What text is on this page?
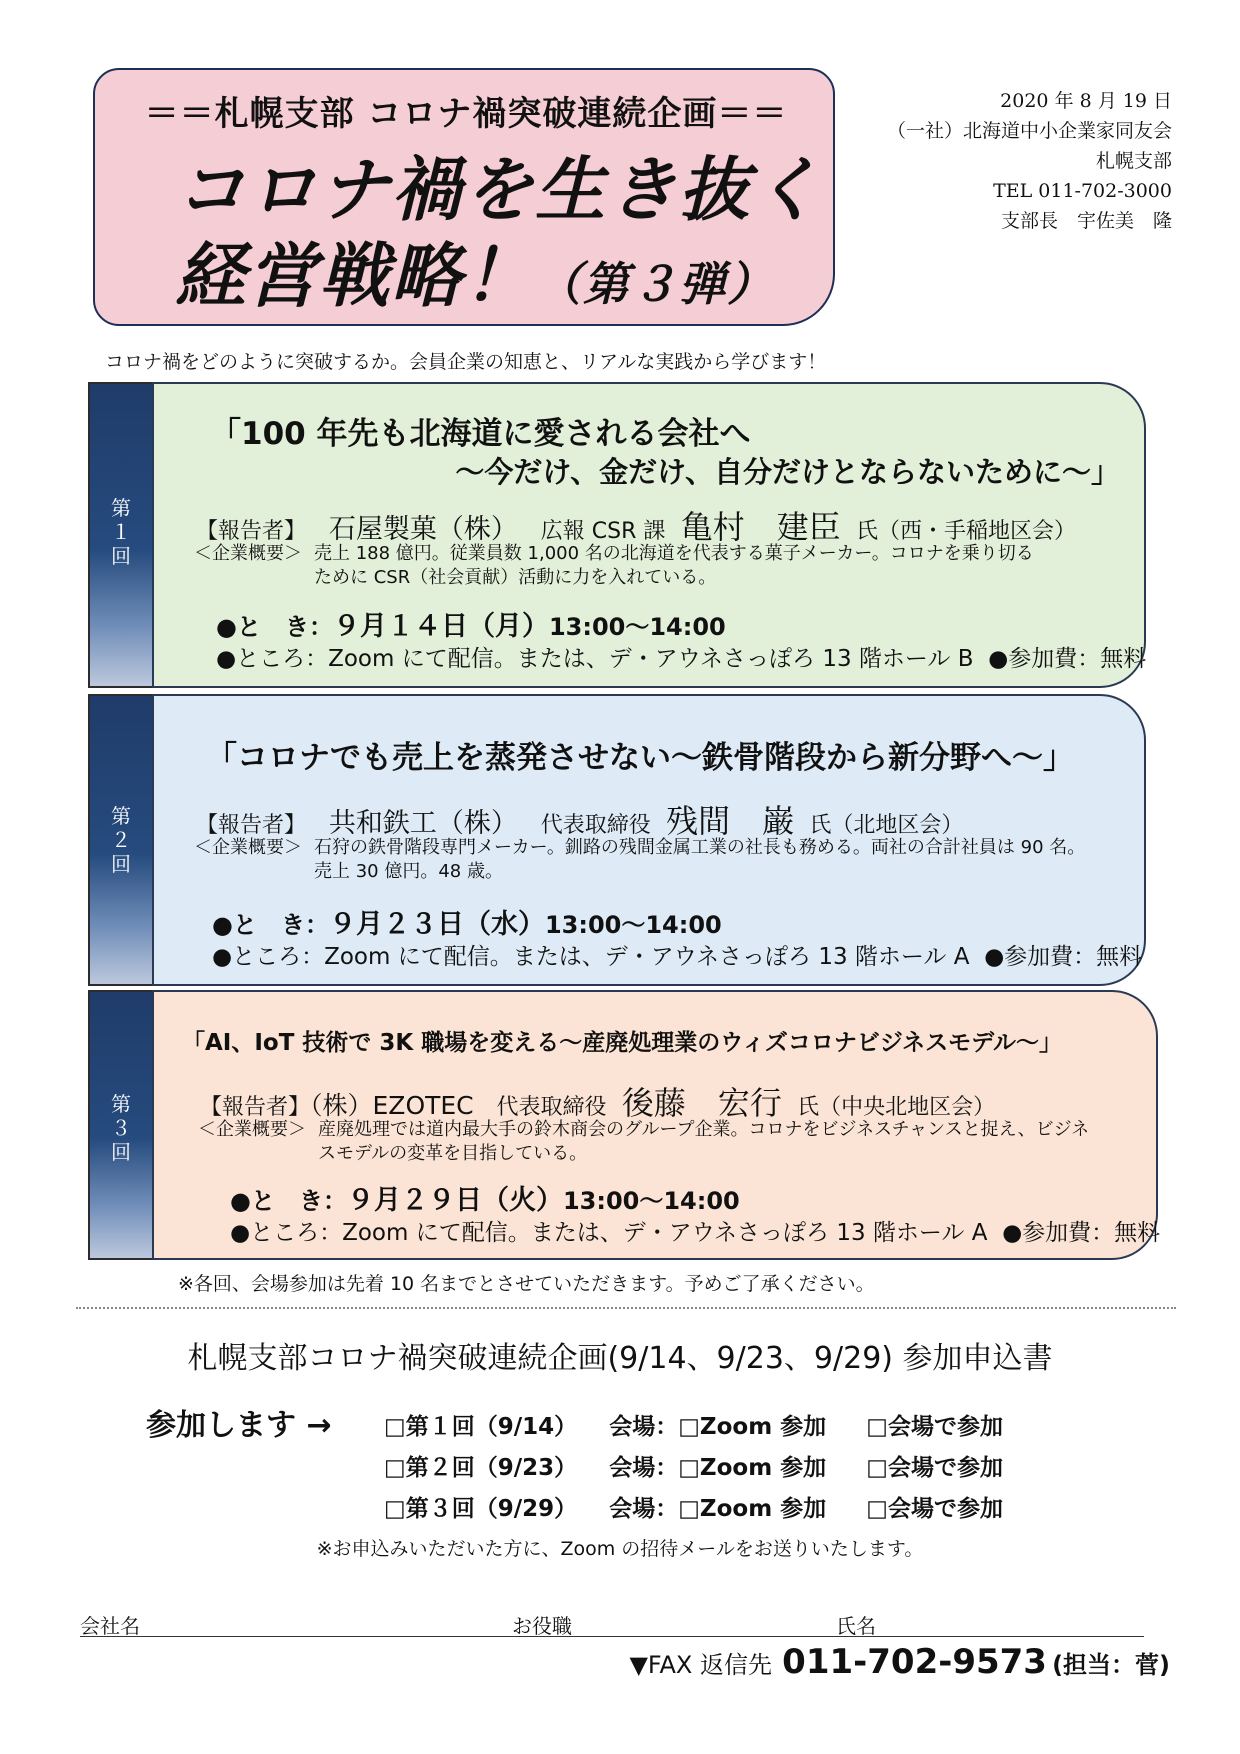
＝＝札幌支部 コロナ禍突破連続企画＝＝
コロナ禍を生き抜く
経営戦略！（第３弾）
2020 年 8 月 19 日
（一社）北海道中小企業家同友会
札幌支部
TEL 011-702-3000
支部長　宇佐美　隆
コロナ禍をどのように突破するか。会員企業の知恵と、リアルな実践から学びます！
第
１
回
「100 年先も北海道に愛される会社へ
～今だけ、金だけ、自分だけとならないために～」
【報告者】 石屋製菓（株） 広報 CSR 課 亀村　建臣 氏（西・手稲地区会）
＜企業概要＞ 売上 188 億円。従業員数 1,000 名の北海道を代表する菓子メーカー。コロナを乗り切るために CSR（社会貢献）活動に力を入れている。
●と　き：９月１４日（月）13:00～14:00
●ところ：Zoom にて配信。または、デ・アウネさっぽろ 13 階ホール B ●参加費：無料
第
２
回
「コロナでも売上を蒸発させない～鉄骨階段から新分野へ～」
【報告者】 共和鉄工（株） 代表取締役 残間　巌 氏（北地区会）
＜企業概要＞ 石狩の鉄骨階段専門メーカー。釧路の残間金属工業の社長も務める。両社の合計社員は 90 名。売上 30 億円。48 歳。
●と　き：９月２３日（水）13:00～14:00
●ところ：Zoom にて配信。または、デ・アウネさっぽろ 13 階ホール A ●参加費：無料
第
３
回
「AI、IoT 技術で 3K 職場を変える～産廃処理業のウィズコロナビジネスモデル～」
【報告者】（株）EZOTEC 代表取締役 後藤　宏行 氏（中央北地区会）
＜企業概要＞ 産廃処理では道内最大手の鈴木商会のグループ企業。コロナをビジネスチャンスと捉え、ビジネスモデルの変革を目指している。
●と　き：９月２９日（火）13:00～14:00
●ところ：Zoom にて配信。または、デ・アウネさっぽろ 13 階ホール A ●参加費：無料
※各回、会場参加は先着 10 名までとさせていただきます。予めご了承ください。
札幌支部コロナ禍突破連続企画(9/14、9/23、9/29) 参加申込書
参加します → □第１回（9/14） 会場：□Zoom 参加 □会場で参加
□第２回（9/23） 会場：□Zoom 参加 □会場で参加
□第３回（9/29） 会場：□Zoom 参加 □会場で参加
※お申込みいただいた方に、Zoom の招待メールをお送りいたします。
会社名	お役職	氏名
▼FAX 返信先 011-702-9573 (担当：菅)
